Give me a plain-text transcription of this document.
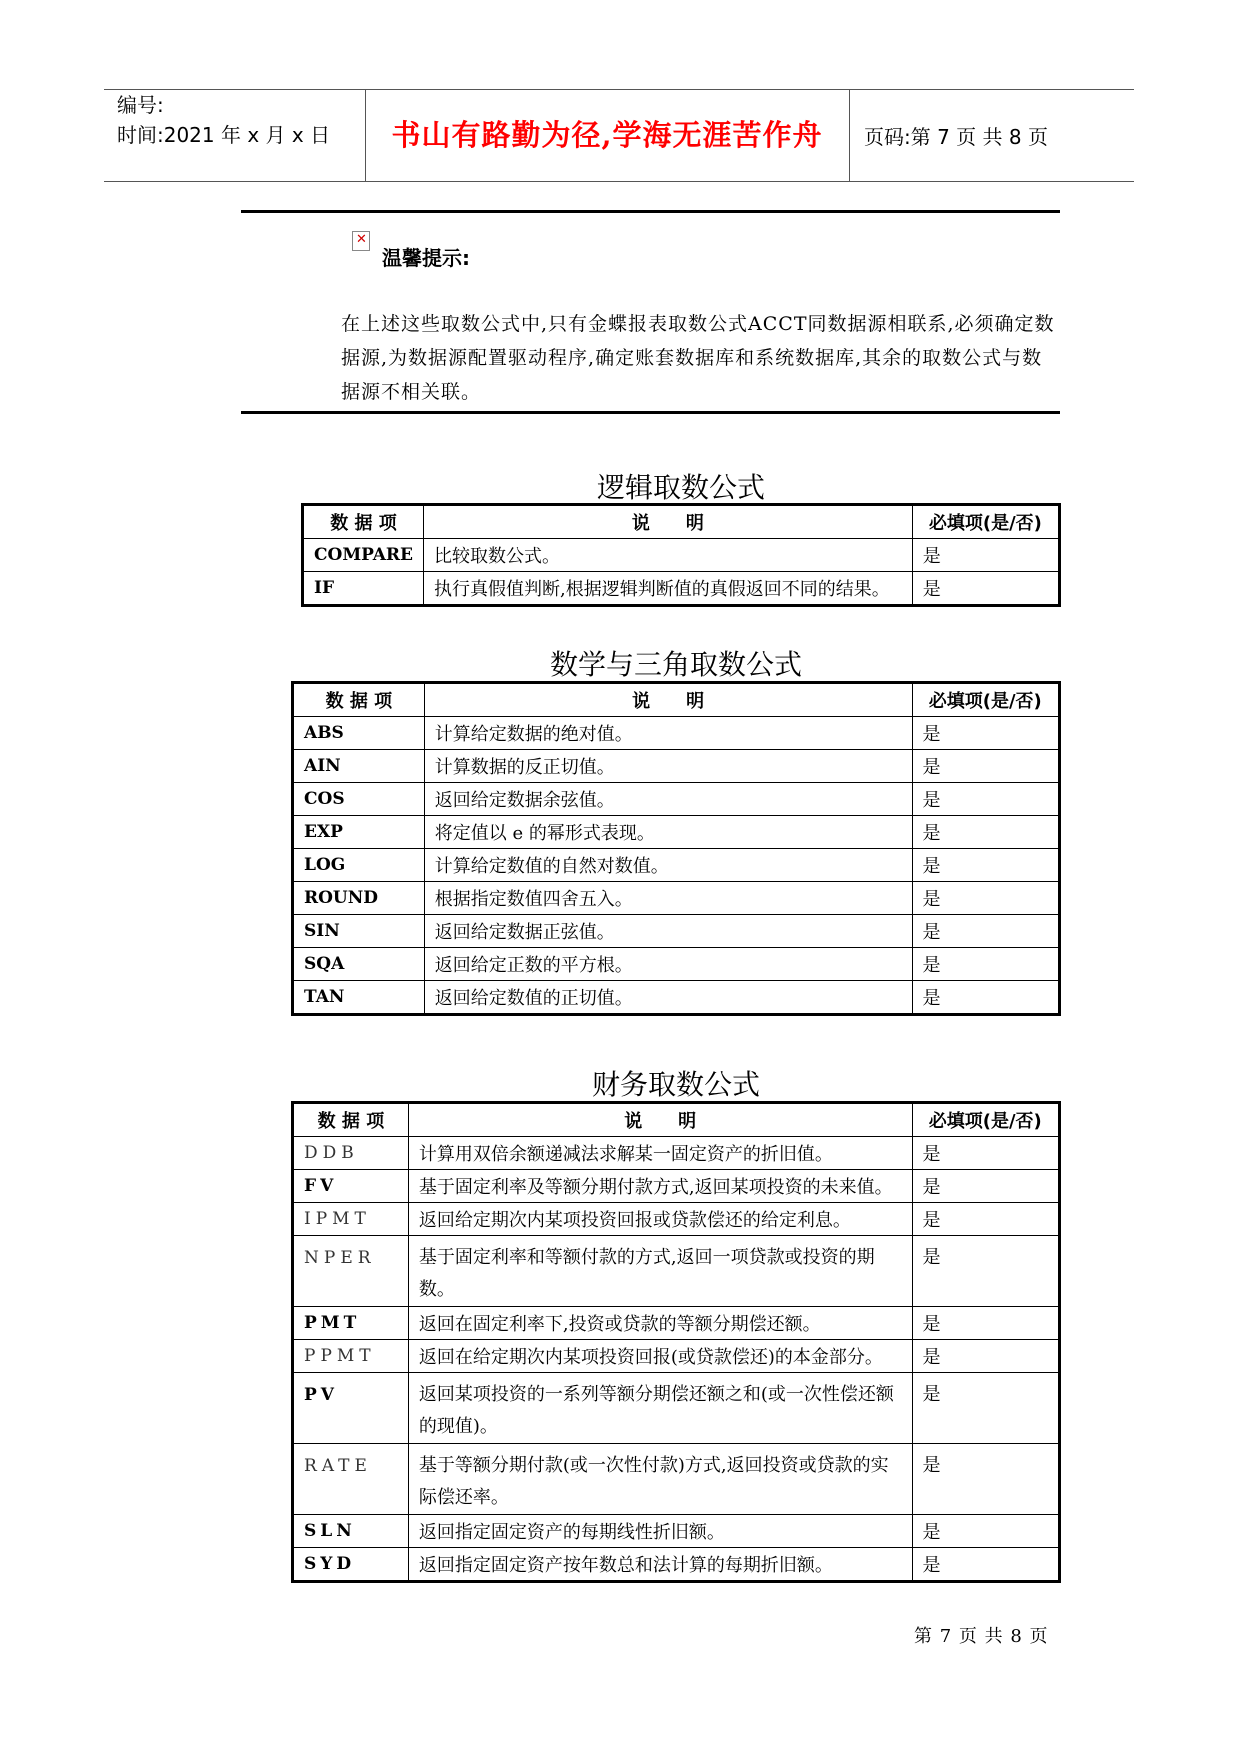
编号:
时间:2021 年 x 月 x 日	书山有路勤为径,学海无涯苦作舟	页码:第 7 页 共 8 页
✕
温馨提示:
在上述这些取数公式中,只有金蝶报表取数公式ACCT同数据源相联系,必须确定数据源,为数据源配置驱动程序,确定账套数据库和系统数据库,其余的取数公式与数据源不相关联。
逻辑取数公式
数 据 项	说　　明	必填项(是/否)
COMPARE	比较取数公式。	是
IF	执行真假值判断,根据逻辑判断值的真假返回不同的结果。	是
数学与三角取数公式
数 据 项	说　　明	必填项(是/否)
ABS	计算给定数据的绝对值。	是
AIN	计算数据的反正切值。	是
COS	返回给定数据余弦值。	是
EXP	将定值以 e 的幂形式表现。	是
LOG	计算给定数值的自然对数值。	是
ROUND	根据指定数值四舍五入。	是
SIN	返回给定数据正弦值。	是
SQA	返回给定正数的平方根。	是
TAN	返回给定数值的正切值。	是
财务取数公式
数 据 项	说　　明	必填项(是/否)
DDB	计算用双倍余额递减法求解某一固定资产的折旧值。	是
FV	基于固定利率及等额分期付款方式,返回某项投资的未来值。	是
IPMT	返回给定期次内某项投资回报或贷款偿还的给定利息。	是
NPER	基于固定利率和等额付款的方式,返回一项贷款或投资的期数。	是
PMT	返回在固定利率下,投资或贷款的等额分期偿还额。	是
PPMT	返回在给定期次内某项投资回报(或贷款偿还)的本金部分。	是
PV	返回某项投资的一系列等额分期偿还额之和(或一次性偿还额的现值)。	是
RATE	基于等额分期付款(或一次性付款)方式,返回投资或贷款的实际偿还率。	是
SLN	返回指定固定资产的每期线性折旧额。	是
SYD	返回指定固定资产按年数总和法计算的每期折旧额。	是
第 7 页 共 8 页
